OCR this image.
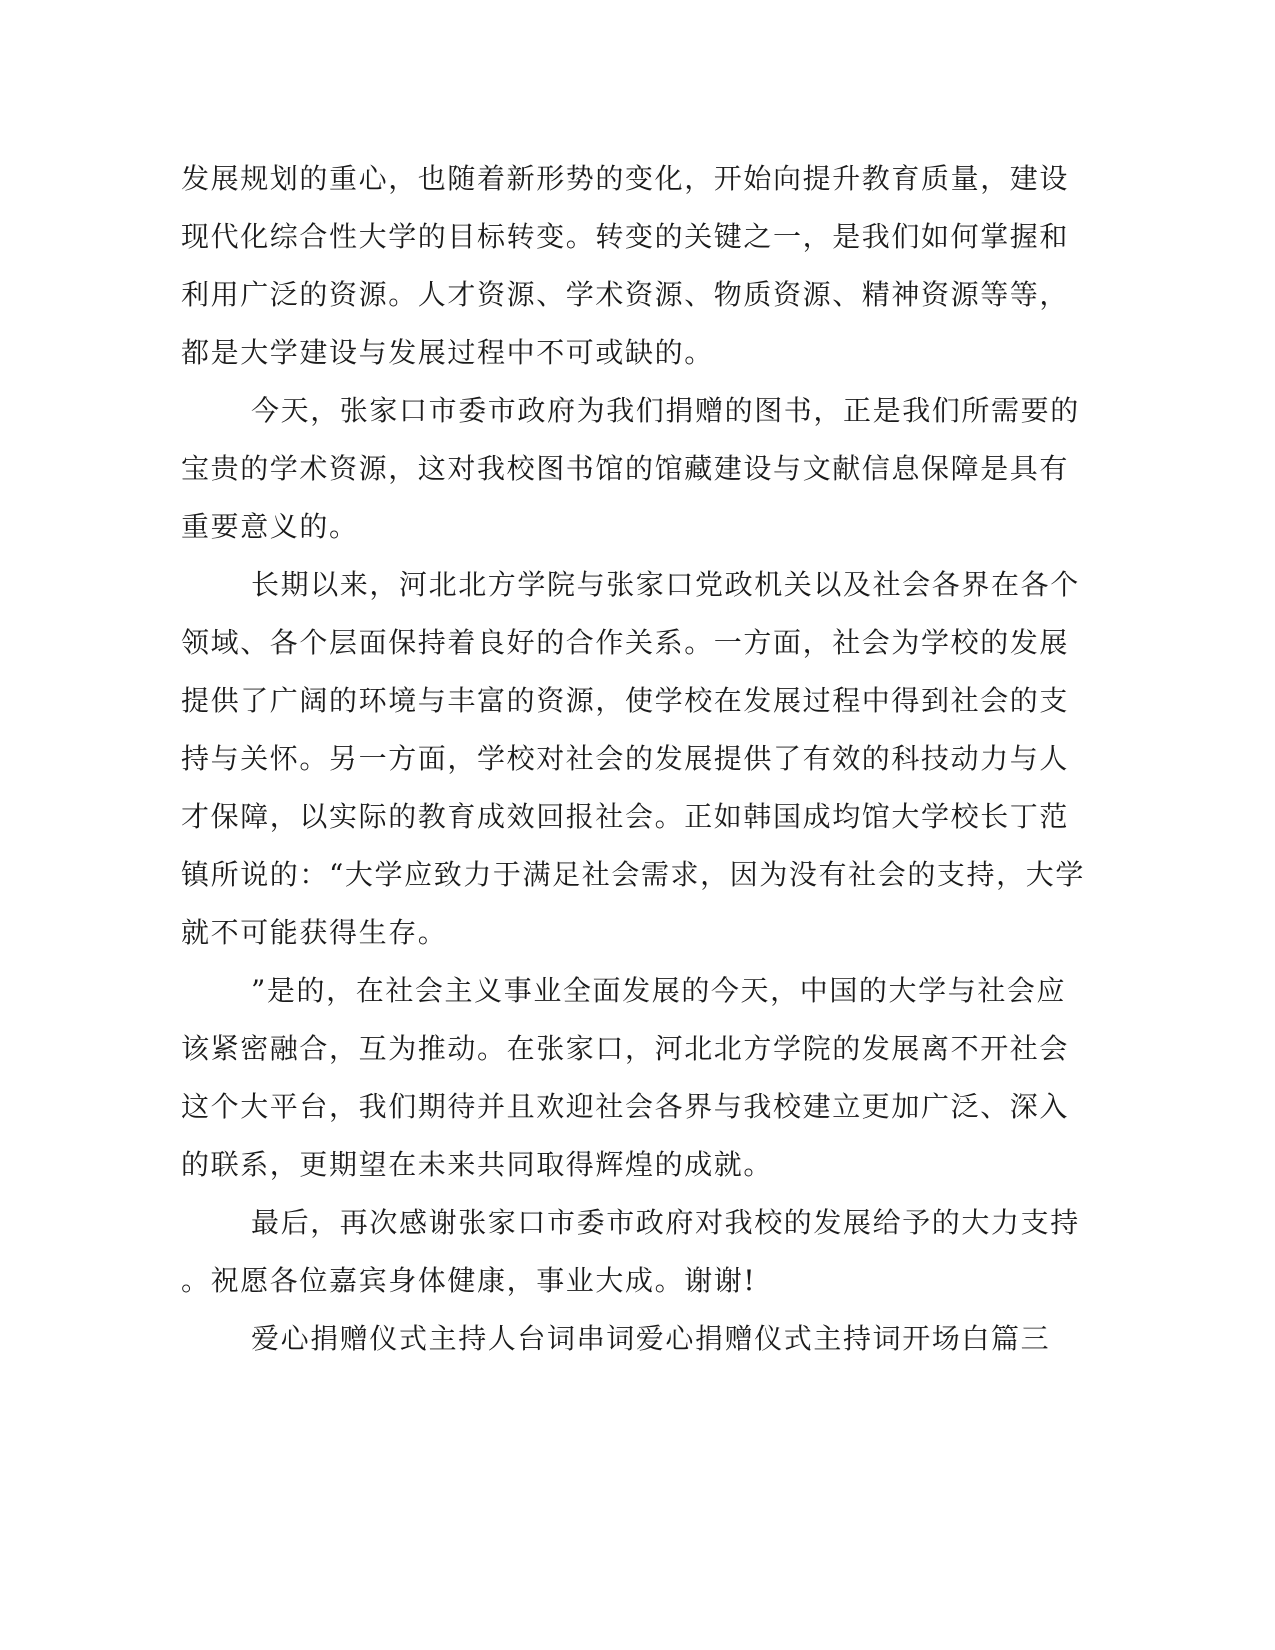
发展规划的重心，也随着新形势的变化，开始向提升教育质量，建设
现代化综合性大学的目标转变。转变的关键之一，是我们如何掌握和
利用广泛的资源。人才资源、学术资源、物质资源、精神资源等等，
都是大学建设与发展过程中不可或缺的。
今天，张家口市委市政府为我们捐赠的图书，正是我们所需要的
宝贵的学术资源，这对我校图书馆的馆藏建设与文献信息保障是具有
重要意义的。
长期以来，河北北方学院与张家口党政机关以及社会各界在各个
领域、各个层面保持着良好的合作关系。一方面，社会为学校的发展
提供了广阔的环境与丰富的资源，使学校在发展过程中得到社会的支
持与关怀。另一方面，学校对社会的发展提供了有效的科技动力与人
才保障，以实际的教育成效回报社会。正如韩国成均馆大学校长丁范
镇所说的：“大学应致力于满足社会需求，因为没有社会的支持，大学
就不可能获得生存。
”是的，在社会主义事业全面发展的今天，中国的大学与社会应
该紧密融合，互为推动。在张家口，河北北方学院的发展离不开社会
这个大平台，我们期待并且欢迎社会各界与我校建立更加广泛、深入
的联系，更期望在未来共同取得辉煌的成就。
最后，再次感谢张家口市委市政府对我校的发展给予的大力支持
。祝愿各位嘉宾身体健康，事业大成。谢谢!
爱心捐赠仪式主持人台词串词爱心捐赠仪式主持词开场白篇三
